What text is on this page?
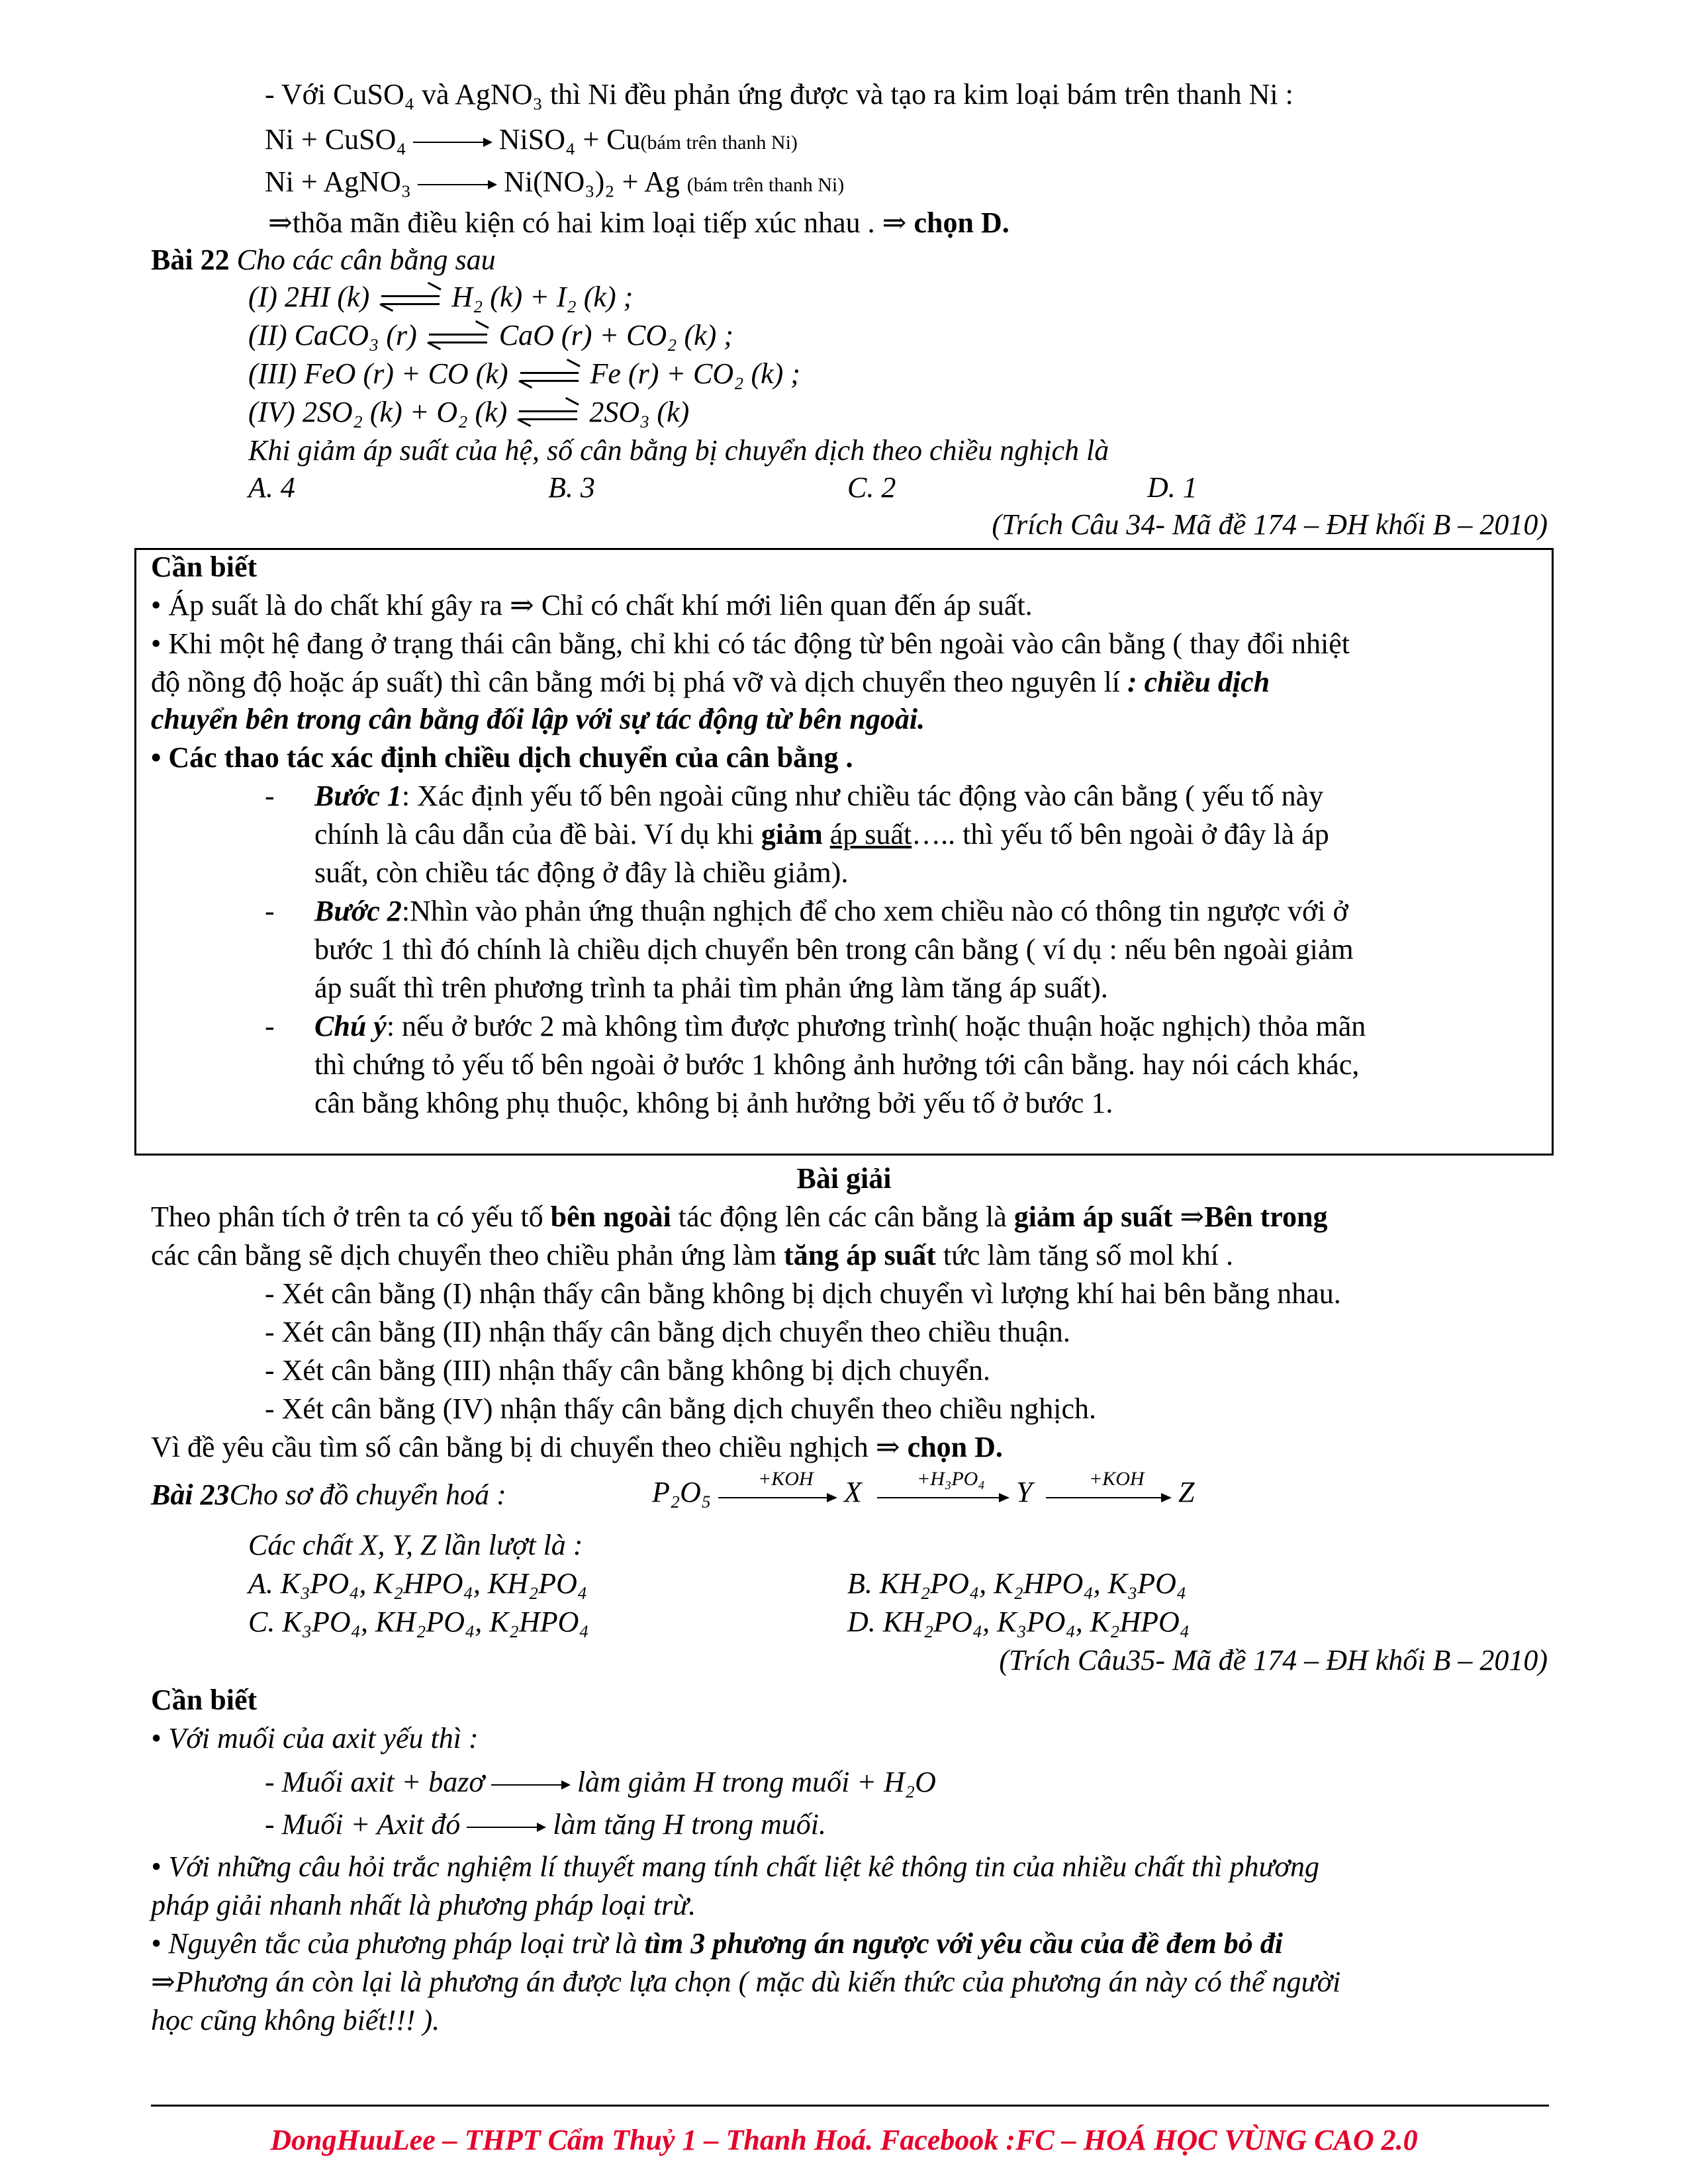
- Với CuSO₄ và AgNO₃ thì Ni đều phản ứng được và tạo ra kim loại bám trên thanh Ni :
Ni + CuSO₄	NiSO₄ + Cu(bám trên thanh Ni)
Ni + AgNO₃	Ni(NO₃)₂ + Ag (bám trên thanh Ni)
⇒thõa mãn điều kiện có hai kim loại tiếp xúc nhau . ⇒ chọn D.
Bài 22 Cho các cân bằng sau
(I) 2HI (k)	H₂ (k) + I₂ (k) ;
(II) CaCO₃ (r)	CaO (r) + CO₂ (k) ;
(III) FeO (r) + CO (k)	Fe (r) + CO₂ (k) ;
(IV) 2SO₂ (k) + O₂ (k)	2SO₃ (k)
Khi giảm áp suất của hệ, số cân bằng bị chuyển dịch theo chiều nghịch là
A. 4	B. 3	C. 2	D. 1
(Trích Câu 34- Mã đề 174 – ĐH khối B – 2010)
Cần biết
• Áp suất là do chất khí gây ra ⇒ Chỉ có chất khí mới liên quan đến áp suất.
• Khi một hệ đang ở trạng thái cân bằng, chỉ khi có tác động từ bên ngoài vào cân bằng ( thay đổi nhiệt
độ nồng độ hoặc áp suất) thì cân bằng mới bị phá vỡ và dịch chuyển theo nguyên lí : chiều dịch
chuyển bên trong cân bằng đối lập với sự tác động từ bên ngoài.
• Các thao tác xác định chiều dịch chuyển của cân bằng .
- Bước 1: Xác định yếu tố bên ngoài cũng như chiều tác động vào cân bằng ( yếu tố này
chính là câu dẫn của đề bài. Ví dụ khi giảm áp suất….. thì yếu tố bên ngoài ở đây là áp
suất, còn chiều tác động ở đây là chiều giảm).
- Bước 2:Nhìn vào phản ứng thuận nghịch để cho xem chiều nào có thông tin ngược với ở
bước 1 thì đó chính là chiều dịch chuyển bên trong cân bằng ( ví dụ : nếu bên ngoài giảm
áp suất thì trên phương trình ta phải tìm phản ứng làm tăng áp suất).
- Chú ý: nếu ở bước 2 mà không tìm được phương trình( hoặc thuận hoặc nghịch) thỏa mãn
thì chứng tỏ yếu tố bên ngoài ở bước 1 không ảnh hưởng tới cân bằng. hay nói cách khác,
cân bằng không phụ thuộc, không bị ảnh hưởng bởi yếu tố ở bước 1.
Bài giải
Theo phân tích ở trên ta có yếu tố bên ngoài tác động lên các cân bằng là giảm áp suất ⇒Bên trong
các cân bằng sẽ dịch chuyển theo chiều phản ứng làm tăng áp suất tức làm tăng số mol khí .
- Xét cân bằng (I) nhận thấy cân bằng không bị dịch chuyển vì lượng khí hai bên bằng nhau.
- Xét cân bằng (II) nhận thấy cân bằng dịch chuyển theo chiều thuận.
- Xét cân bằng (III) nhận thấy cân bằng không bị dịch chuyển.
- Xét cân bằng (IV) nhận thấy cân bằng dịch chuyển theo chiều nghịch.
Vì đề yêu cầu tìm số cân bằng bị di chuyển theo chiều nghịch ⇒ chọn D.
Bài 23Cho sơ đồ chuyển hoá :	P₂O₅ +KOH X	+H₃PO₄ Y	+KOH Z
Các chất X, Y, Z lần lượt là :
A. K₃PO₄, K₂HPO₄, KH₂PO₄	B. KH₂PO₄, K₂HPO₄, K₃PO₄
C. K₃PO₄, KH₂PO₄, K₂HPO₄	D. KH₂PO₄, K₃PO₄, K₂HPO₄
(Trích Câu35- Mã đề 174 – ĐH khối B – 2010)
Cần biết
• Với muối của axit yếu thì :
- Muối axit + bazơ	làm giảm H trong muối + H₂O
- Muối + Axit đó	làm tăng H trong muối.
• Với những câu hỏi trắc nghiệm lí thuyết mang tính chất liệt kê thông tin của nhiều chất thì phương
pháp giải nhanh nhất là phương pháp loại trừ.
• Nguyên tắc của phương pháp loại trừ là tìm 3 phương án ngược với yêu cầu của đề đem bỏ đi
⇒Phương án còn lại là phương án được lựa chọn ( mặc dù kiến thức của phương án này có thể người
học cũng không biết!!! ).
DongHuuLee – THPT Cẩm Thuỷ 1 – Thanh Hoá. Facebook :FC – HOÁ HỌC VÙNG CAO 2.0
